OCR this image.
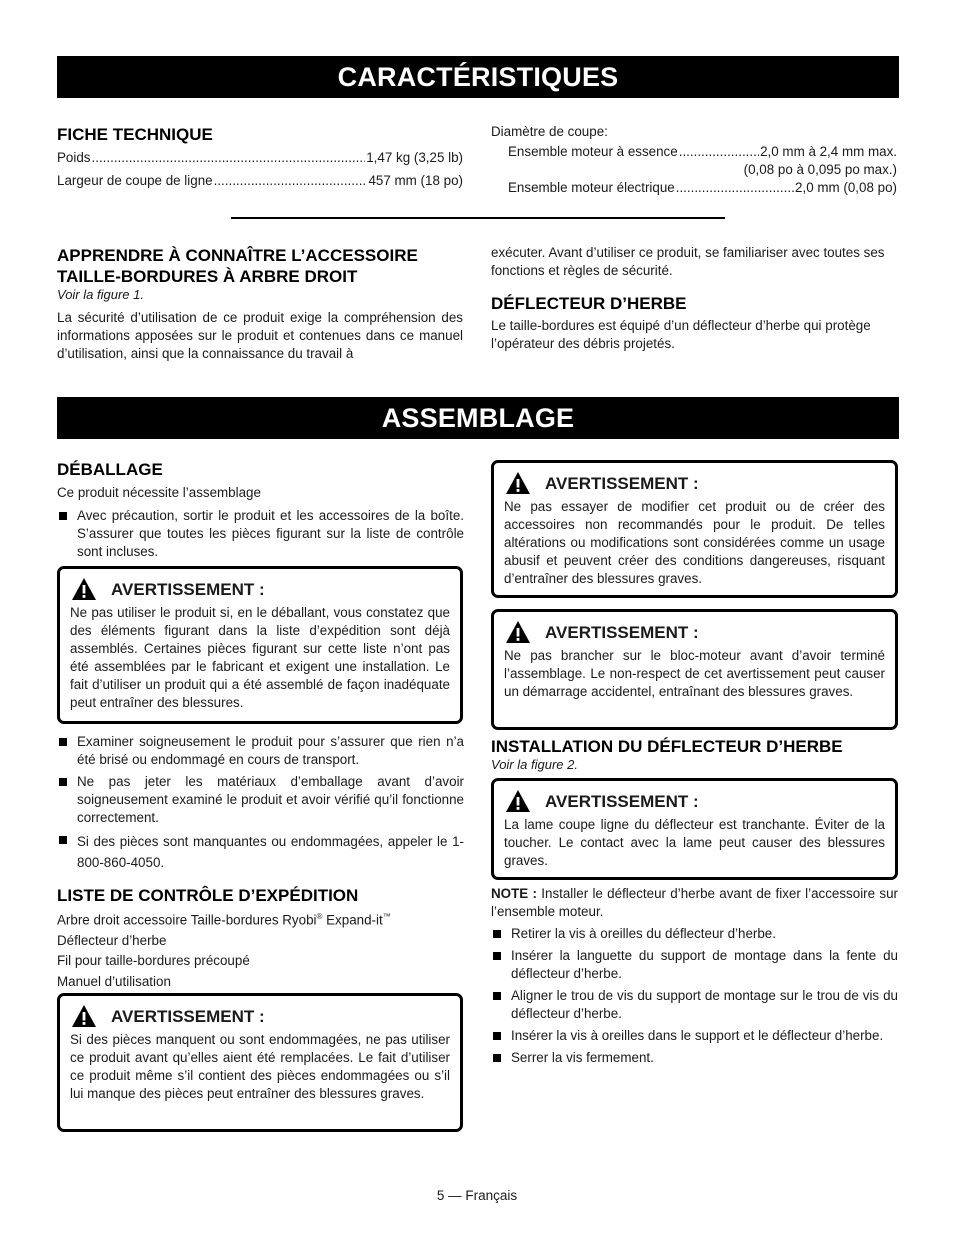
CARACTÉRISTIQUES
FICHE TECHNIQUE
Poids .....	1,47 kg (3,25 lb)
Largeur de coupe de ligne .....	457 mm (18 po)
Diamètre de coupe:
Ensemble moteur à essence .....	2,0 mm à 2,4 mm max.
(0,08 po à 0,095 po max.)
Ensemble moteur électrique .....	2,0 mm (0,08 po)
APPRENDRE À CONNAÎTRE L’ACCESSOIRE
TAILLE-BORDURES À ARBRE DROIT
Voir la figure 1.

La sécurité d’utilisation de ce produit exige la compréhension des informations apposées sur le produit et contenues dans ce manuel d’utilisation, ainsi que la connaissance du travail à

exécuter. Avant d’utiliser ce produit, se familiariser avec toutes ses fonctions et règles de sécurité.

DÉFLECTEUR D’HERBE

Le taille-bordures est équipé d’un déflecteur d’herbe qui protège l’opérateur des débris projetés.

ASSEMBLAGE
DÉBALLAGE
Ce produit nécessite l’assemblage
Avec précaution, sortir le produit et les accessoires de la boîte. S’assurer que toutes les pièces figurant sur la liste de contrôle sont incluses.
AVERTISSEMENT :

Ne pas utiliser le produit si, en le déballant, vous constatez que des éléments figurant dans la liste d’expédition sont déjà assemblés. Certaines pièces figurant sur cette liste n’ont pas été assemblées par le fabricant et exigent une installation. Le fait d’utiliser un produit qui a été assemblé de façon inadéquate peut entraîner des blessures.

Examiner soigneusement le produit pour s’assurer que rien n’a été brisé ou endommagé en cours de transport.
Ne pas jeter les matériaux d’emballage avant d’avoir soigneusement examiné le produit et avoir vérifié qu’il fonctionne correctement.
Si des pièces sont manquantes ou endommagées, appeler le 1-800-860-4050.
LISTE DE CONTRÔLE D’EXPÉDITION
Arbre droit accessoire Taille-bordures Ryobi® Expand-it™
Déflecteur d’herbe
Fil pour taille-bordures précoupé
Manuel d’utilisation
AVERTISSEMENT :

Si des pièces manquent ou sont endommagées, ne pas utiliser ce produit avant qu’elles aient été remplacées. Le fait d’utiliser ce produit même s’il contient des pièces endommagées ou s’il lui manque des pièces peut entraîner des blessures graves.

AVERTISSEMENT :

Ne pas essayer de modifier cet produit ou de créer des accessoires non recommandés pour le produit. De telles altérations ou modifications sont considérées comme un usage abusif et peuvent créer des conditions dangereuses, risquant d’entraîner des blessures graves.

AVERTISSEMENT :

Ne pas brancher sur le bloc-moteur avant d’avoir terminé l’assemblage. Le non-respect de cet avertissement peut causer un démarrage accidentel, entraînant des blessures graves.

INSTALLATION DU DÉFLECTEUR D’HERBE
Voir la figure 2.
AVERTISSEMENT :

La lame coupe ligne du déflecteur est tranchante. Éviter de la toucher. Le contact avec la lame peut causer des blessures graves.

NOTE : Installer le déflecteur d’herbe avant de fixer l’accessoire sur l’ensemble moteur.

Retirer la vis à oreilles du déflecteur d’herbe.
Insérer la languette du support de montage dans la fente du déflecteur d’herbe.
Aligner le trou de vis du support de montage sur le trou de vis du déflecteur d’herbe.
Insérer la vis à oreilles dans le support et le déflecteur d’herbe.
Serrer la vis fermement.
5 — Français
